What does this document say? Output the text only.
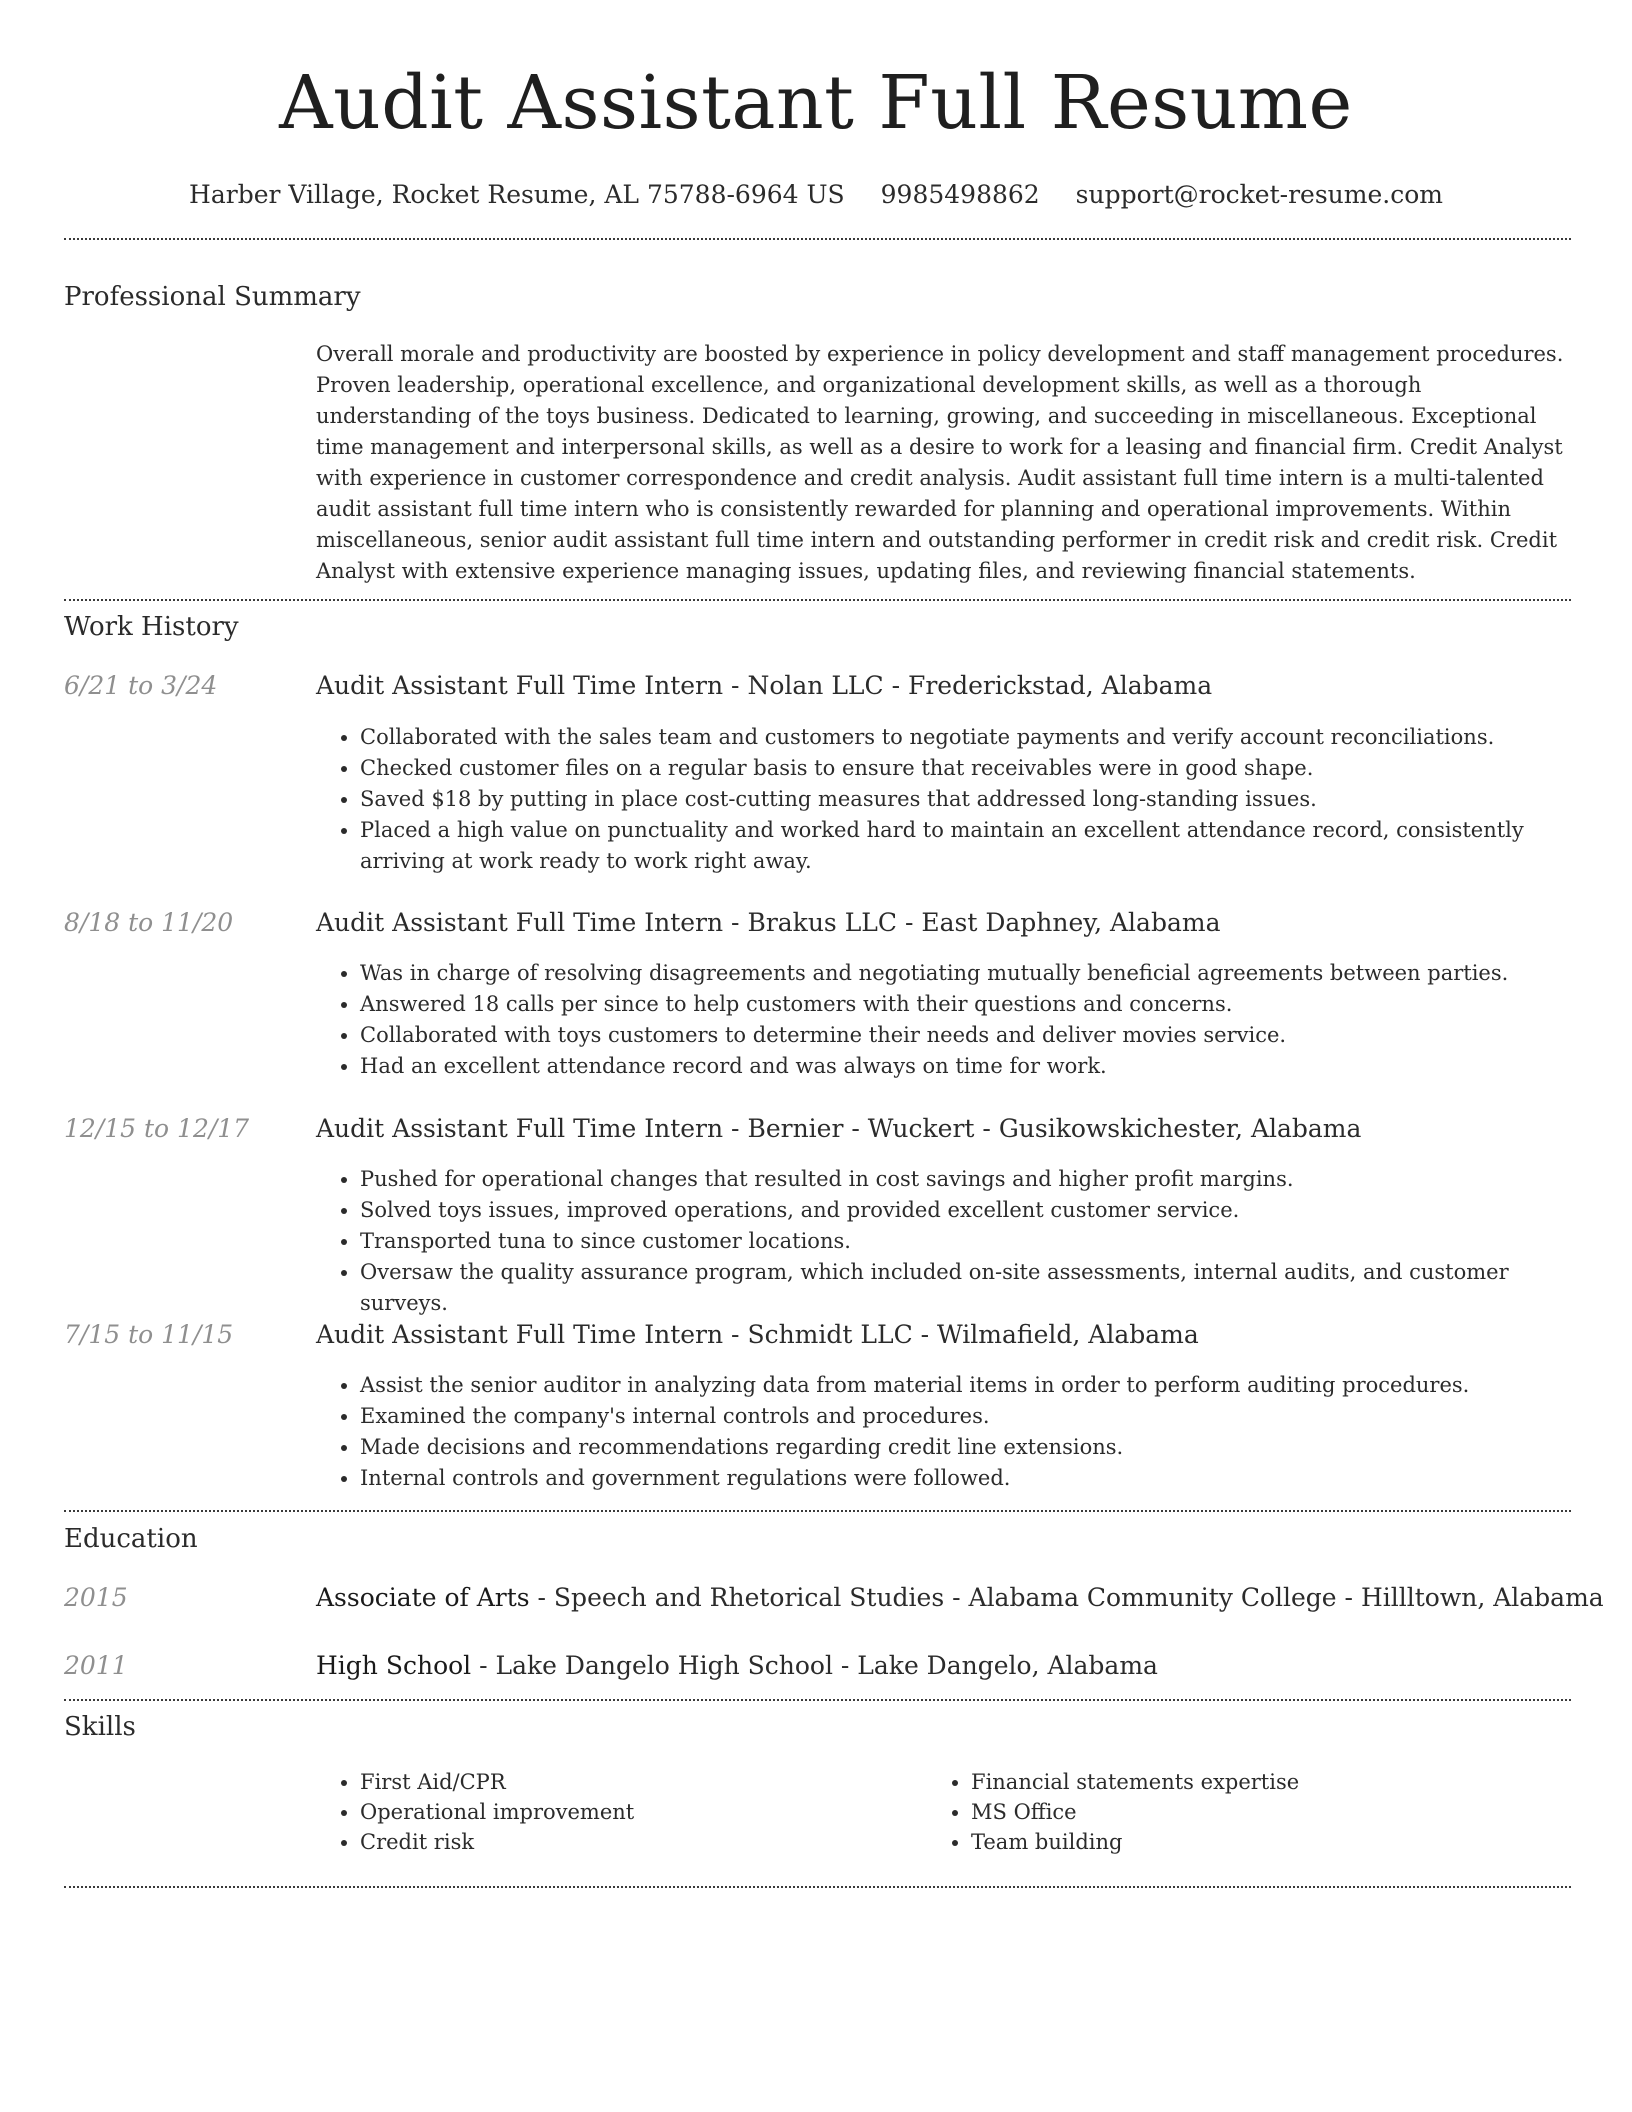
Audit Assistant Full Resume
Harber Village, Rocket Resume, AL 75788-6964 US 9985498862 support@rocket-resume.com
Professional Summary

Overall morale and productivity are boosted by experience in policy development and staff management procedures. Proven leadership, operational excellence, and organizational development skills, as well as a thorough understanding of the toys business. Dedicated to learning, growing, and succeeding in miscellaneous. Exceptional time management and interpersonal skills, as well as a desire to work for a leasing and financial firm. Credit Analyst with experience in customer correspondence and credit analysis. Audit assistant full time intern is a multi-talented audit assistant full time intern who is consistently rewarded for planning and operational improvements. Within miscellaneous, senior audit assistant full time intern and outstanding performer in credit risk and credit risk. Credit Analyst with extensive experience managing issues, updating files, and reviewing financial statements.

Work History
6/21 to 3/24	Audit Assistant Full Time Intern - Nolan LLC - Frederickstad, Alabama
• Collaborated with the sales team and customers to negotiate payments and verify account reconciliations.
• Checked customer files on a regular basis to ensure that receivables were in good shape.
• Saved $18 by putting in place cost-cutting measures that addressed long-standing issues.
• Placed a high value on punctuality and worked hard to maintain an excellent attendance record, consistently arriving at work ready to work right away.
8/18 to 11/20	Audit Assistant Full Time Intern - Brakus LLC - East Daphney, Alabama
• Was in charge of resolving disagreements and negotiating mutually beneficial agreements between parties.
• Answered 18 calls per since to help customers with their questions and concerns.
• Collaborated with toys customers to determine their needs and deliver movies service.
• Had an excellent attendance record and was always on time for work.
12/15 to 12/17	Audit Assistant Full Time Intern - Bernier - Wuckert - Gusikowskichester, Alabama
• Pushed for operational changes that resulted in cost savings and higher profit margins.
• Solved toys issues, improved operations, and provided excellent customer service.
• Transported tuna to since customer locations.
• Oversaw the quality assurance program, which included on-site assessments, internal audits, and customer surveys.
7/15 to 11/15	Audit Assistant Full Time Intern - Schmidt LLC - Wilmafield, Alabama
• Assist the senior auditor in analyzing data from material items in order to perform auditing procedures.
• Examined the company's internal controls and procedures.
• Made decisions and recommendations regarding credit line extensions.
• Internal controls and government regulations were followed.
Education
2015	Associate of Arts - Speech and Rhetorical Studies - Alabama Community College - Hillltown, Alabama
2011	High School - Lake Dangelo High School - Lake Dangelo, Alabama
Skills
• First Aid/CPR
• Operational improvement
• Credit risk
• Financial statements expertise
• MS Office
• Team building
